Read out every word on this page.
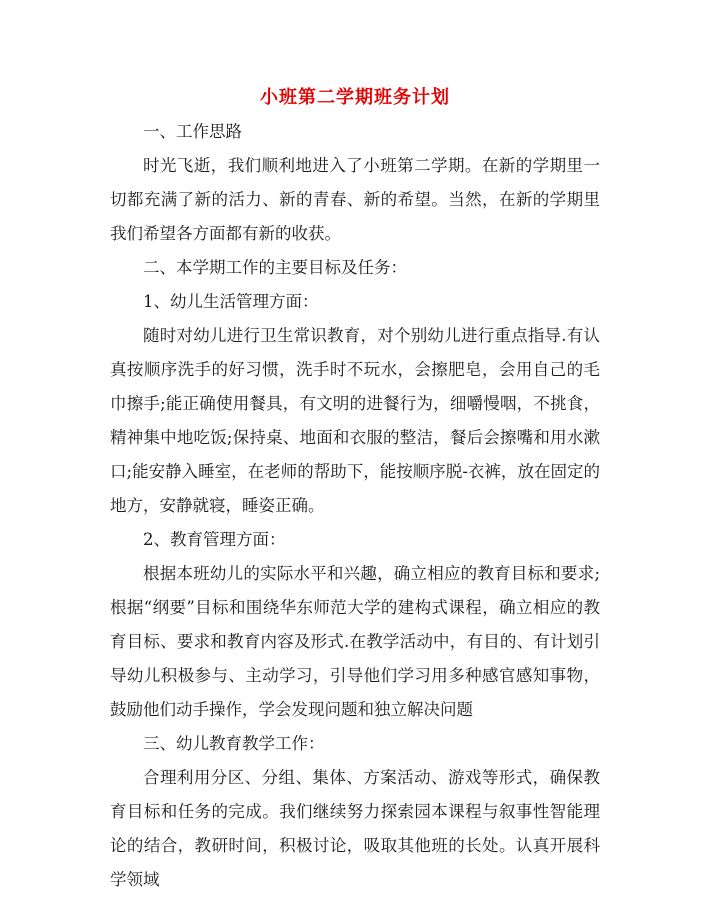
小班第二学期班务计划

一、工作思路

时光飞逝，我们顺利地进入了小班第二学期。在新的学期里一切都充满了新的活力、新的青春、新的希望。当然，在新的学期里我们希望各方面都有新的收获。

二、本学期工作的主要目标及任务：

1、幼儿生活管理方面：

随时对幼儿进行卫生常识教育，对个别幼儿进行重点指导.有认真按顺序洗手的好习惯，洗手时不玩水，会擦肥皂，会用自己的毛巾擦手;能正确使用餐具，有文明的进餐行为，细嚼慢咽，不挑食，精神集中地吃饭;保持桌、地面和衣服的整洁，餐后会擦嘴和用水漱口;能安静入睡室，在老师的帮助下，能按顺序脱-衣裤，放在固定的地方，安静就寝，睡姿正确。

2、教育管理方面：

根据本班幼儿的实际水平和兴趣，确立相应的教育目标和要求;根据“纲要”目标和围绕华东师范大学的建构式课程，确立相应的教育目标、要求和教育内容及形式.在教学活动中，有目的、有计划引导幼儿积极参与、主动学习，引导他们学习用多种感官感知事物，鼓励他们动手操作，学会发现问题和独立解决问题

三、幼儿教育教学工作：

合理利用分区、分组、集体、方案活动、游戏等形式，确保教育目标和任务的完成。我们继续努力探索园本课程与叙事性智能理论的结合，教研时间，积极讨论，吸取其他班的长处。认真开展科学领域
